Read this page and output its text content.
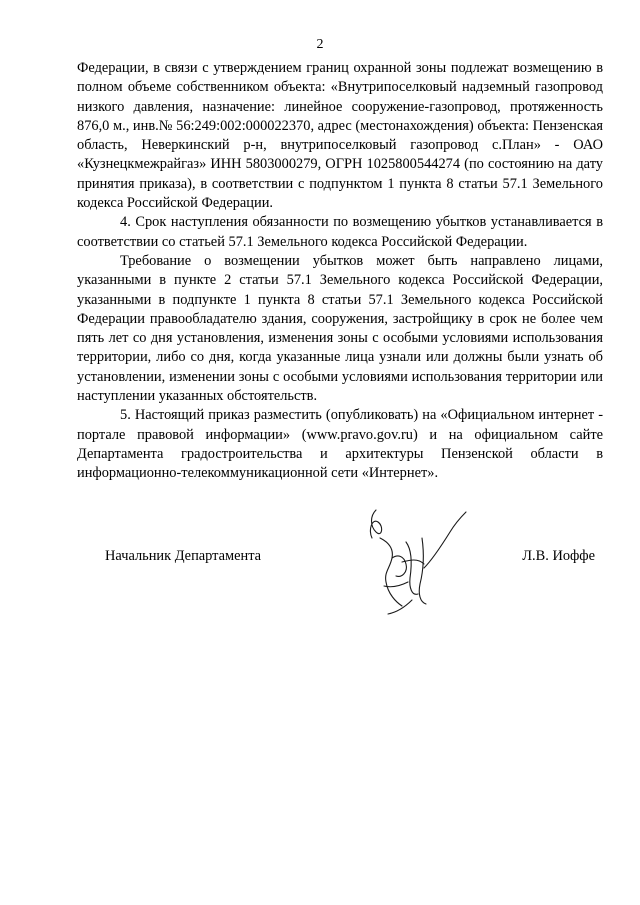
2

Федерации, в связи с утверждением границ охранной зоны подлежат возмещению в полном объеме собственником объекта: «Внутрипоселковый надземный газопровод низкого давления, назначение: линейное сооружение-газопровод, протяженность 876,0 м., инв.№ 56:249:002:000022370, адрес (местонахождения) объекта: Пензенская область, Неверкинский р-н, внутрипоселковый газопровод с.План» - ОАО «Кузнецкмежрайгаз» ИНН 5803000279, ОГРН 1025800544274 (по состоянию на дату принятия приказа), в соответствии с подпунктом 1 пункта 8 статьи 57.1 Земельного кодекса Российской Федерации.

4. Срок наступления обязанности по возмещению убытков устанавливается в соответствии со статьей 57.1 Земельного кодекса Российской Федерации.

Требование о возмещении убытков может быть направлено лицами, указанными в пункте 2 статьи 57.1 Земельного кодекса Российской Федерации, указанными в подпункте 1 пункта 8 статьи 57.1 Земельного кодекса Российской Федерации правообладателю здания, сооружения, застройщику в срок не более чем пять лет со дня установления, изменения зоны с особыми условиями использования территории, либо со дня, когда указанные лица узнали или должны были узнать об установлении, изменении зоны с особыми условиями использования территории или наступлении указанных обстоятельств.

5. Настоящий приказ разместить (опубликовать) на «Официальном интернет - портале правовой информации» (www.pravo.gov.ru) и на официальном сайте Департамента градостроительства и архитектуры Пензенской области в информационно-телекоммуникационной сети «Интернет».

Начальник Департамента	Л.В. Иоффе
